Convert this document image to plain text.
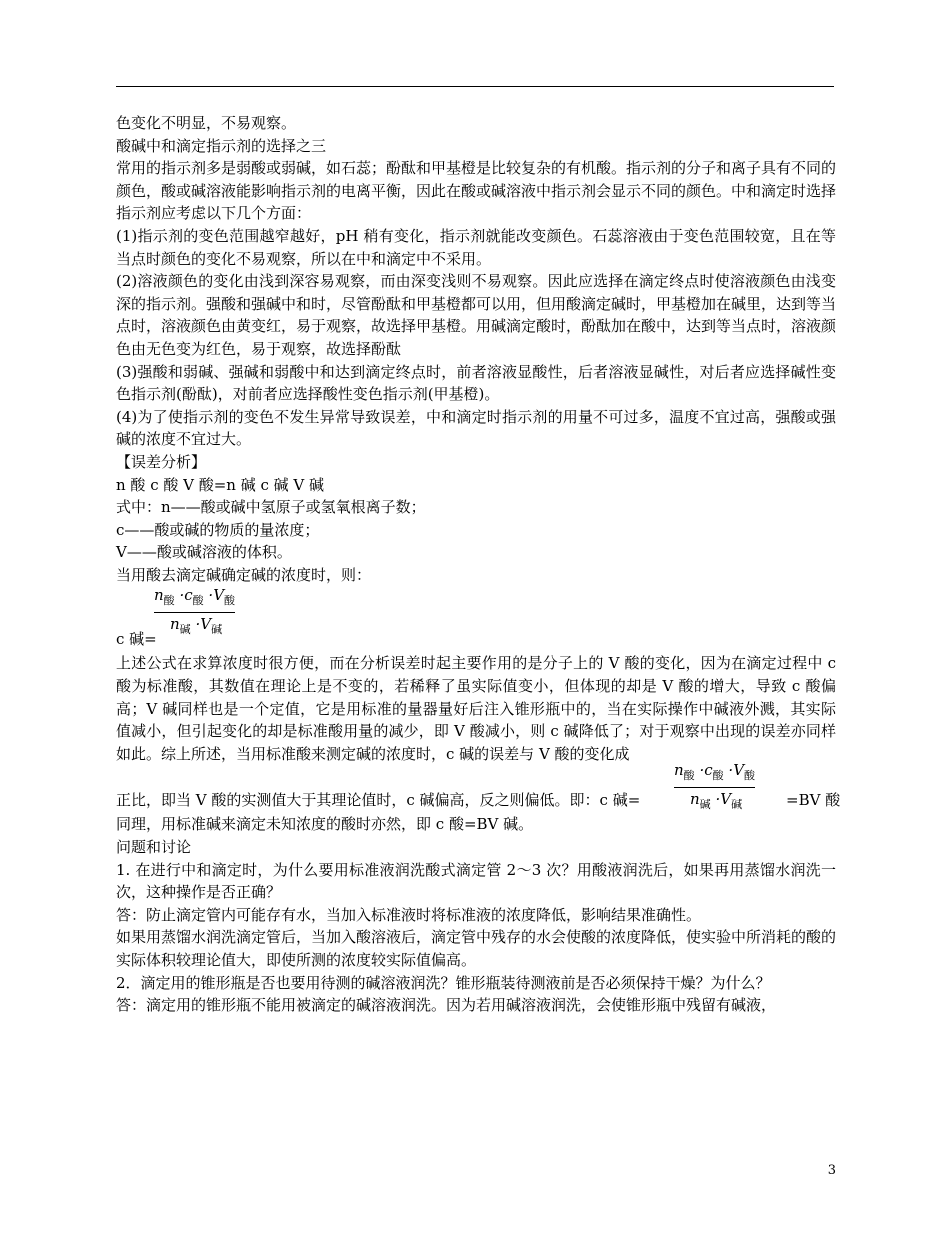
色变化不明显，不易观察。

酸碱中和滴定指示剂的选择之三

常用的指示剂多是弱酸或弱碱，如石蕊；酚酞和甲基橙是比较复杂的有机酸。指示剂的分子和离子具有不同的颜色，酸或碱溶液能影响指示剂的电离平衡，因此在酸或碱溶液中指示剂会显示不同的颜色。中和滴定时选择指示剂应考虑以下几个方面：

(1)指示剂的变色范围越窄越好，pH 稍有变化，指示剂就能改变颜色。石蕊溶液由于变色范围较宽，且在等当点时颜色的变化不易观察，所以在中和滴定中不采用。

(2)溶液颜色的变化由浅到深容易观察，而由深变浅则不易观察。因此应选择在滴定终点时使溶液颜色由浅变深的指示剂。强酸和强碱中和时，尽管酚酞和甲基橙都可以用，但用酸滴定碱时，甲基橙加在碱里，达到等当点时，溶液颜色由黄变红，易于观察，故选择甲基橙。用碱滴定酸时，酚酞加在酸中，达到等当点时，溶液颜色由无色变为红色，易于观察，故选择酚酞

(3)强酸和弱碱、强碱和弱酸中和达到滴定终点时，前者溶液显酸性，后者溶液显碱性，对后者应选择碱性变色指示剂(酚酞)，对前者应选择酸性变色指示剂(甲基橙)。

(4)为了使指示剂的变色不发生异常导致误差，中和滴定时指示剂的用量不可过多，温度不宜过高，强酸或强碱的浓度不宜过大。

【误差分析】

n 酸 c 酸 V 酸=n 碱 c 碱 V 碱

式中：n——酸或碱中氢原子或氢氧根离子数；

c——酸或碱的物质的量浓度；

V——酸或碱溶液的体积。

当用酸去滴定碱确定碱的浓度时，则：

c 碱=
$n_酸 \cdot c_酸 \cdot V_酸$
$n_碱 \cdot V_碱$

上述公式在求算浓度时很方便，而在分析误差时起主要作用的是分子上的 V 酸的变化，因为在滴定过程中 c 酸为标准酸，其数值在理论上是不变的，若稀释了虽实际值变小，但体现的却是 V 酸的增大，导致 c 酸偏高；V 碱同样也是一个定值，它是用标准的量器量好后注入锥形瓶中的，当在实际操作中碱液外溅，其实际值减小，但引起变化的却是标准酸用量的减少，即 V 酸减小，则 c 碱降低了；对于观察中出现的误差亦同样如此。综上所述，当用标准酸来测定碱的浓度时，c 碱的误差与 V 酸的变化成

正比，即当 V 酸的实测值大于其理论值时，c 碱偏高，反之则偏低。即：c 碱=
$n_酸 \cdot c_酸 \cdot V_酸$
$n_碱 \cdot V_碱$	=BV 酸

同理，用标准碱来滴定未知浓度的酸时亦然，即 c 酸=BV 碱。

问题和讨论

1. 在进行中和滴定时，为什么要用标准液润洗酸式滴定管 2～3 次？用酸液润洗后，如果再用蒸馏水润洗一次，这种操作是否正确？

答：防止滴定管内可能存有水，当加入标准液时将标准液的浓度降低，影响结果准确性。

如果用蒸馏水润洗滴定管后，当加入酸溶液后，滴定管中残存的水会使酸的浓度降低，使实验中所消耗的酸的实际体积较理论值大，即使所测的浓度较实际值偏高。

2．滴定用的锥形瓶是否也要用待测的碱溶液润洗？锥形瓶装待测液前是否必须保持干燥？为什么？

答：滴定用的锥形瓶不能用被滴定的碱溶液润洗。因为若用碱溶液润洗，会使锥形瓶中残留有碱液，

3
